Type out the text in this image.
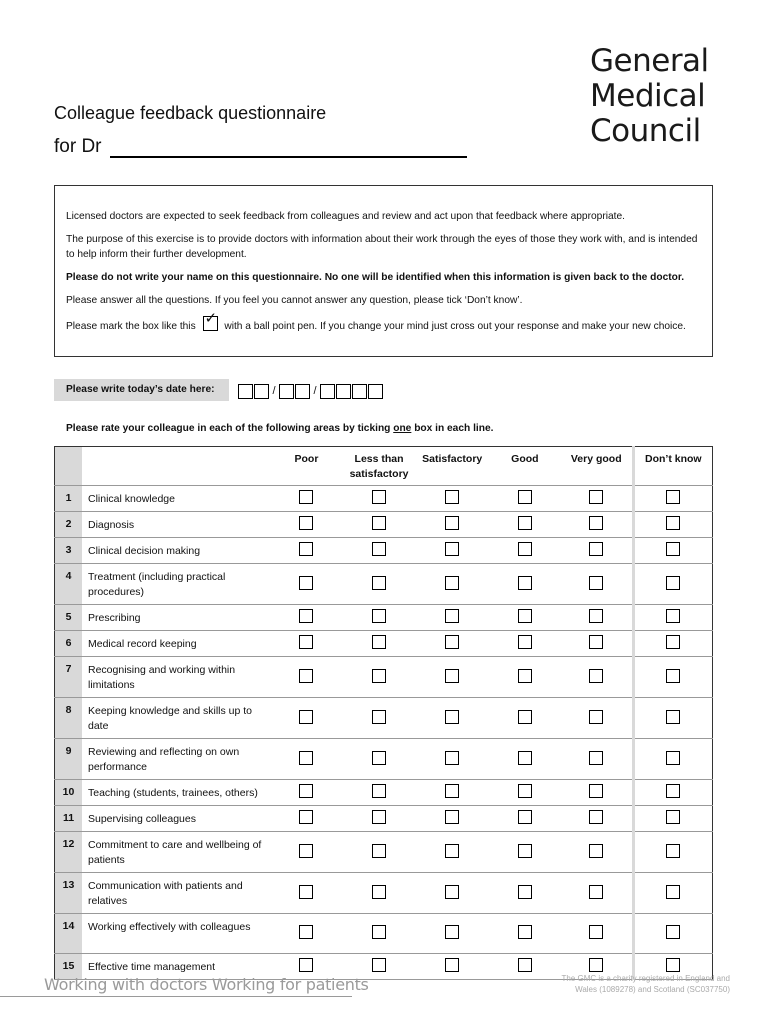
General
Medical
Council
Colleague feedback questionnaire
for Dr

Licensed doctors are expected to seek feedback from colleagues and review and act upon that feedback where appropriate.

The purpose of this exercise is to provide doctors with information about their work through the eyes of those they work with, and is intended to help inform their further development.

Please do not write your name on this questionnaire. No one will be identified when this information is given back to the doctor.

Please answer all the questions. If you feel you cannot answer any question, please tick ‘Don’t know’.

Please mark the box like this ✓	with a ball point pen. If you change your mind just cross out your response and make your new choice.

Please write today’s date here:	/	/
Please rate your colleague in each of the following areas by ticking one box in each line.
		Poor	Less than satisfactory	Satisfactory	Good	Very good	Don’t know
1	Clinical knowledge						
2	Diagnosis						
3	Clinical decision making						
4	Treatment (including practical procedures)						
5	Prescribing						
6	Medical record keeping						
7	Recognising and working within limitations						
8	Keeping knowledge and skills up to date						
9	Reviewing and reflecting on own performance						
10	Teaching (students, trainees, others)						
11	Supervising colleagues						
12	Commitment to care and wellbeing of patients						
13	Communication with patients and relatives						
14	Working effectively with colleagues						
15	Effective time management						
Working with doctors Working for patients	The GMC is a charity registered in England and Wales (1089278) and Scotland (SC037750)
